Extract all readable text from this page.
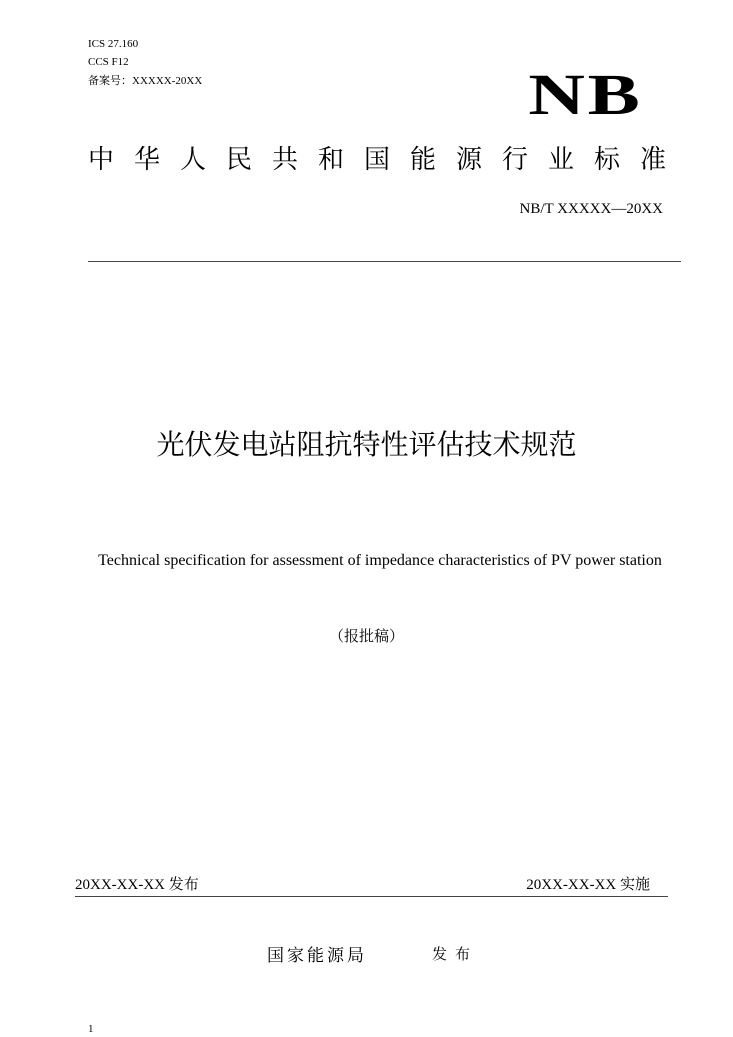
ICS 27.160
CCS F12
备案号：XXXXX-20XX	NB
中华人民共和国能源行业标准
NB/T XXXXX—20XX
光伏发电站阻抗特性评估技术规范
Technical specification for assessment of impedance characteristics of PV power station
（报批稿）
20XX-XX-XX 发布	20XX-XX-XX 实施
国家能源局	发布
1
